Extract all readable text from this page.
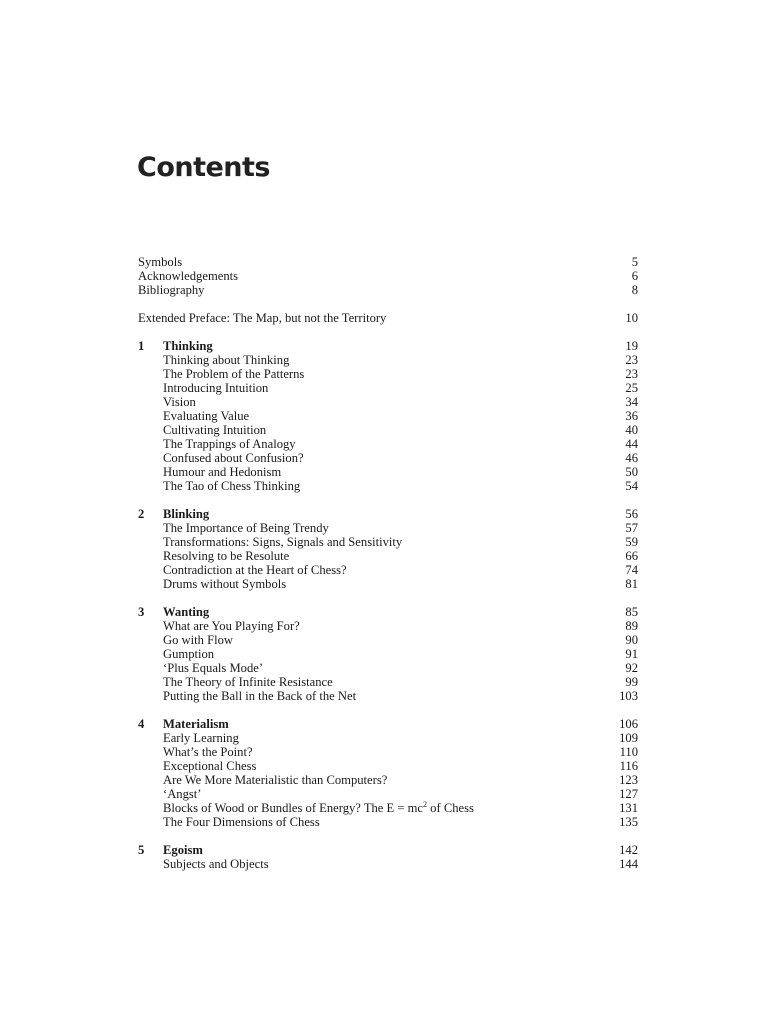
Contents
Symbols	5
Acknowledgements	6
Bibliography	8
Extended Preface: The Map, but not the Territory	10
1 Thinking	19
Thinking about Thinking	23
The Problem of the Patterns	23
Introducing Intuition	25
Vision	34
Evaluating Value	36
Cultivating Intuition	40
The Trappings of Analogy	44
Confused about Confusion?	46
Humour and Hedonism	50
The Tao of Chess Thinking	54
2 Blinking	56
The Importance of Being Trendy	57
Transformations: Signs, Signals and Sensitivity	59
Resolving to be Resolute	66
Contradiction at the Heart of Chess?	74
Drums without Symbols	81
3 Wanting	85
What are You Playing For?	89
Go with Flow	90
Gumption	91
‘Plus Equals Mode’	92
The Theory of Infinite Resistance	99
Putting the Ball in the Back of the Net	103
4 Materialism	106
Early Learning	109
What’s the Point?	110
Exceptional Chess	116
Are We More Materialistic than Computers?	123
‘Angst’	127
Blocks of Wood or Bundles of Energy? The $E = mc^2$ of Chess	131
The Four Dimensions of Chess	135
5 Egoism	142
Subjects and Objects	144
